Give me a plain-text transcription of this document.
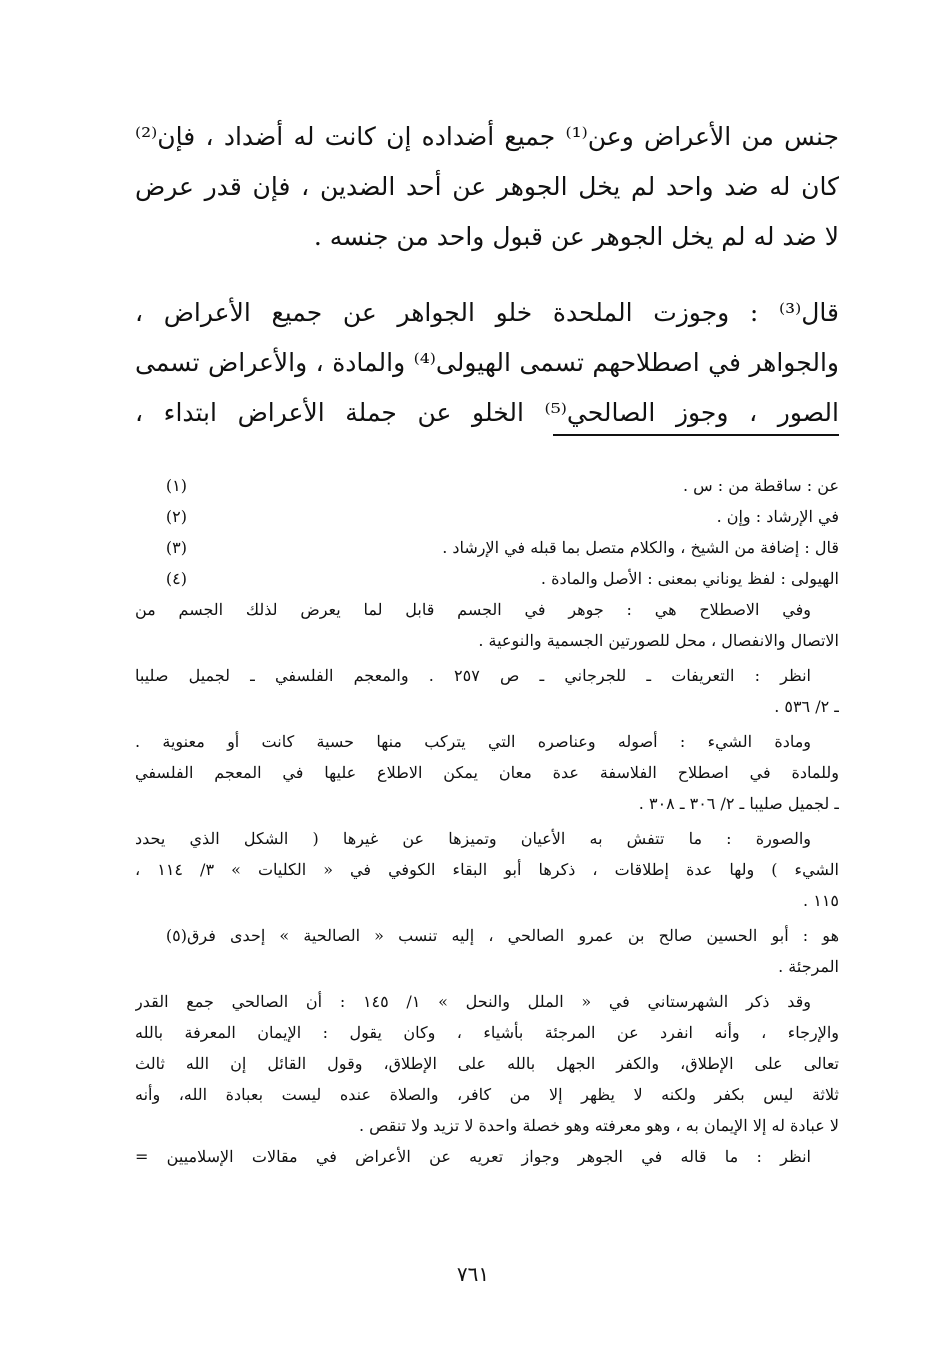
جنس من الأعراض وعن⁽¹⁾ جميع أضداده إن كانت له أضداد ، فإن⁽²⁾
كان له ضد واحد لم يخل الجوهر عن أحد الضدين ، فإن قدر عرض
لا ضد له لم يخل الجوهر عن قبول واحد من جنسه .
قال⁽³⁾ : وجوزت الملحدة خلو الجواهر عن جميع الأعراض ،
والجواهر في اصطلاحهم تسمى الهيولى⁽⁴⁾ والمادة ، والأعراض تسمى
الصور ، وجوز الصالحي⁽⁵⁾ الخلو عن جملة الأعراض ابتداء ،
(١)	عن : ساقطة من : س .
(٢)	في الإرشاد : وإن .
(٣)	قال : إضافة من الشيخ ، والكلام متصل بما قبله في الإرشاد .
(٤)	الهيولى : لفظ يوناني بمعنى : الأصل والمادة .
وفي الاصطلاح هي : جوهر في الجسم قابل لما يعرض لذلك الجسم من
الاتصال والانفصال ، محل للصورتين الجسمية والنوعية .
انظر : التعريفات ـ للجرجاني ـ ص ٢٥٧ . والمعجم الفلسفي ـ لجميل صليبا
ـ ٢/ ٥٣٦ .
ومادة الشيء : أصوله وعناصره التي يتركب منها حسية كانت أو معنوية .
وللمادة في اصطلاح الفلاسفة عدة معان يمكن الاطلاع عليها في المعجم الفلسفي
ـ لجميل صليبا ـ ٢/ ٣٠٦ ـ ٣٠٨ .
والصورة : ما تتفش به الأعيان وتميزها عن غيرها ( الشكل الذي يحدد
الشيء ) ولها عدة إطلاقات ، ذكرها أبو البقاء الكوفي في « الكليات » ٣/ ١١٤ ،
١١٥ .
(٥) هو : أبو الحسين صالح بن عمرو الصالحي ، إليه تنسب « الصالحية » إحدى فرق
المرجئة .
وقد ذكر الشهرستاني في « الملل والنحل » ١/ ١٤٥ : أن الصالحي جمع القدر
والإرجاء ، وأنه انفرد عن المرجئة بأشياء ، وكان يقول : الإيمان المعرفة بالله
تعالى على الإطلاق، والكفر الجهل بالله على الإطلاق، وقول القائل إن الله ثالث
ثلاثة ليس بكفر ولكنه لا يظهر إلا من كافر، والصلاة عنده ليست بعبادة الله، وأنه
لا عبادة له إلا الإيمان به ، وهو معرفته وهو خصلة واحدة لا تزيد ولا تنقص .
انظر : ما قاله في الجوهر وجواز تعريه عن الأعراض في مقالات الإسلاميين =
٧٦١
